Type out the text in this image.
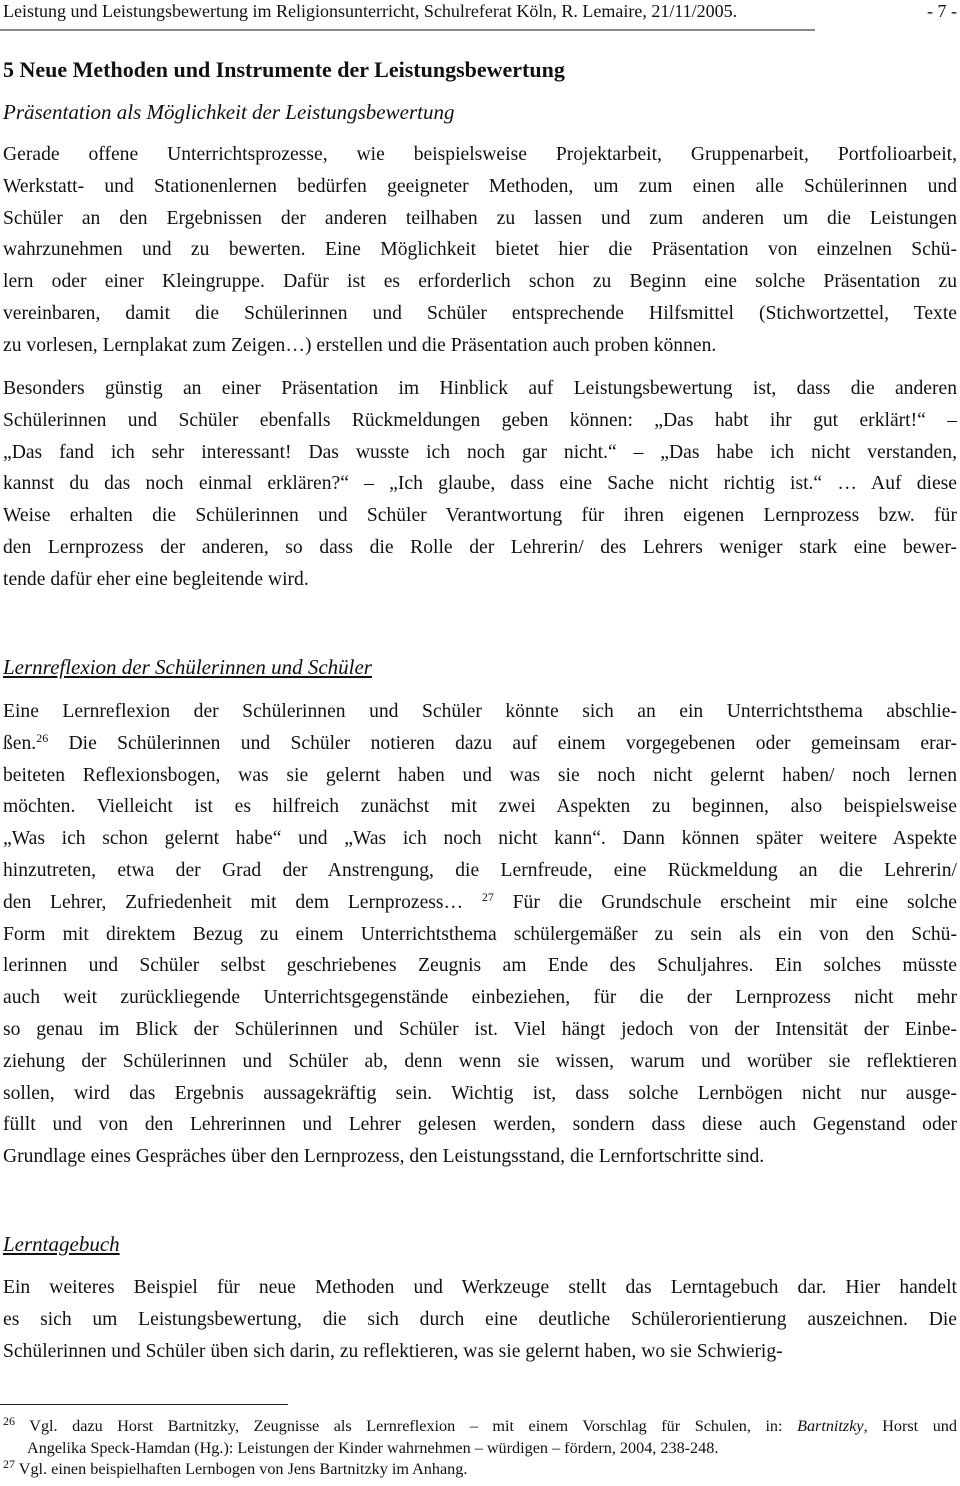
Leistung und Leistungsbewertung im Religionsunterricht, Schulreferat Köln, R. Lemaire, 21/11/2005.	- 7 -
5 Neue Methoden und Instrumente der Leistungsbewertung
Präsentation als Möglichkeit der Leistungsbewertung
Gerade offene Unterrichtsprozesse, wie beispielsweise Projektarbeit, Gruppenarbeit, Portfolioarbeit,
Werkstatt- und Stationenlernen bedürfen geeigneter Methoden, um zum einen alle Schülerinnen und
Schüler an den Ergebnissen der anderen teilhaben zu lassen und zum anderen um die Leistungen
wahrzunehmen und zu bewerten. Eine Möglichkeit bietet hier die Präsentation von einzelnen Schü-
lern oder einer Kleingruppe. Dafür ist es erforderlich schon zu Beginn eine solche Präsentation zu
vereinbaren, damit die Schülerinnen und Schüler entsprechende Hilfsmittel (Stichwortzettel, Texte
zu vorlesen, Lernplakat zum Zeigen…) erstellen und die Präsentation auch proben können.
Besonders günstig an einer Präsentation im Hinblick auf Leistungsbewertung ist, dass die anderen
Schülerinnen und Schüler ebenfalls Rückmeldungen geben können: „Das habt ihr gut erklärt!“ –
„Das fand ich sehr interessant! Das wusste ich noch gar nicht.“ – „Das habe ich nicht verstanden,
kannst du das noch einmal erklären?“ – „Ich glaube, dass eine Sache nicht richtig ist.“ … Auf diese
Weise erhalten die Schülerinnen und Schüler Verantwortung für ihren eigenen Lernprozess bzw. für
den Lernprozess der anderen, so dass die Rolle der Lehrerin/ des Lehrers weniger stark eine bewer-
tende dafür eher eine begleitende wird.
Lernreflexion der Schülerinnen und Schüler
Eine Lernreflexion der Schülerinnen und Schüler könnte sich an ein Unterrichtsthema abschlie-
ßen.$^{26}$ Die Schülerinnen und Schüler notieren dazu auf einem vorgegebenen oder gemeinsam erar-
beiteten Reflexionsbogen, was sie gelernt haben und was sie noch nicht gelernt haben/ noch lernen
möchten. Vielleicht ist es hilfreich zunächst mit zwei Aspekten zu beginnen, also beispielsweise
„Was ich schon gelernt habe“ und „Was ich noch nicht kann“. Dann können später weitere Aspekte
hinzutreten, etwa der Grad der Anstrengung, die Lernfreude, eine Rückmeldung an die Lehrerin/
den Lehrer, Zufriedenheit mit dem Lernprozess… $^{27}$ Für die Grundschule erscheint mir eine solche
Form mit direktem Bezug zu einem Unterrichtsthema schülergemäßer zu sein als ein von den Schü-
lerinnen und Schüler selbst geschriebenes Zeugnis am Ende des Schuljahres. Ein solches müsste
auch weit zurückliegende Unterrichtsgegenstände einbeziehen, für die der Lernprozess nicht mehr
so genau im Blick der Schülerinnen und Schüler ist. Viel hängt jedoch von der Intensität der Einbe-
ziehung der Schülerinnen und Schüler ab, denn wenn sie wissen, warum und worüber sie reflektieren
sollen, wird das Ergebnis aussagekräftig sein. Wichtig ist, dass solche Lernbögen nicht nur ausge-
füllt und von den Lehrerinnen und Lehrer gelesen werden, sondern dass diese auch Gegenstand oder
Grundlage eines Gespräches über den Lernprozess, den Leistungsstand, die Lernfortschritte sind.
Lerntagebuch
Ein weiteres Beispiel für neue Methoden und Werkzeuge stellt das Lerntagebuch dar. Hier handelt
es sich um Leistungsbewertung, die sich durch eine deutliche Schülerorientierung auszeichnen. Die
Schülerinnen und Schüler üben sich darin, zu reflektieren, was sie gelernt haben, wo sie Schwierig-
$^{26}$ Vgl. dazu Horst Bartnitzky, Zeugnisse als Lernreflexion – mit einem Vorschlag für Schulen, in: Bartnitzky, Horst und
Angelika Speck-Hamdan (Hg.): Leistungen der Kinder wahrnehmen – würdigen – fördern, 2004, 238-248.
$^{27}$ Vgl. einen beispielhaften Lernbogen von Jens Bartnitzky im Anhang.
